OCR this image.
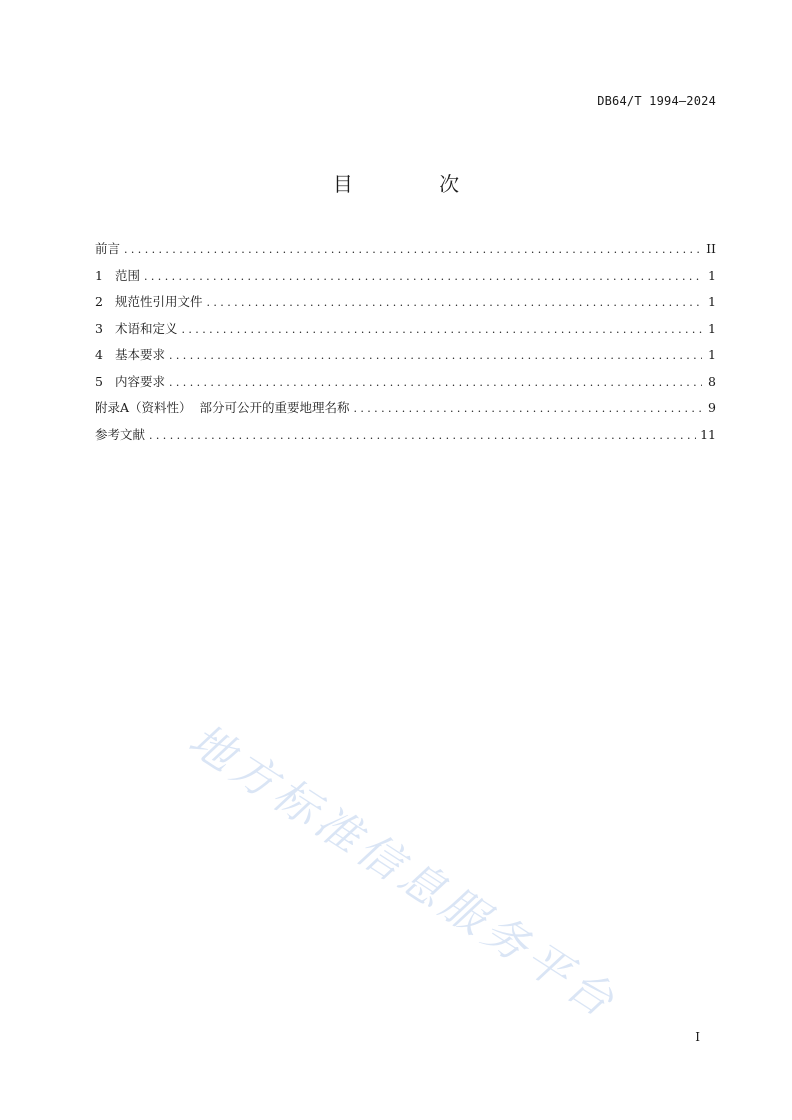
DB64/T 1994—2024
目 次
前言 .....	II
1 范围 .....	1
2 规范性引用文件 .....	1
3 术语和定义 .....	1
4 基本要求 .....	1
5 内容要求 .....	8
附录A（资料性）  部分可公开的重要地理名称 .....	9
参考文献 .....	11
地方标准信息服务平台
I
